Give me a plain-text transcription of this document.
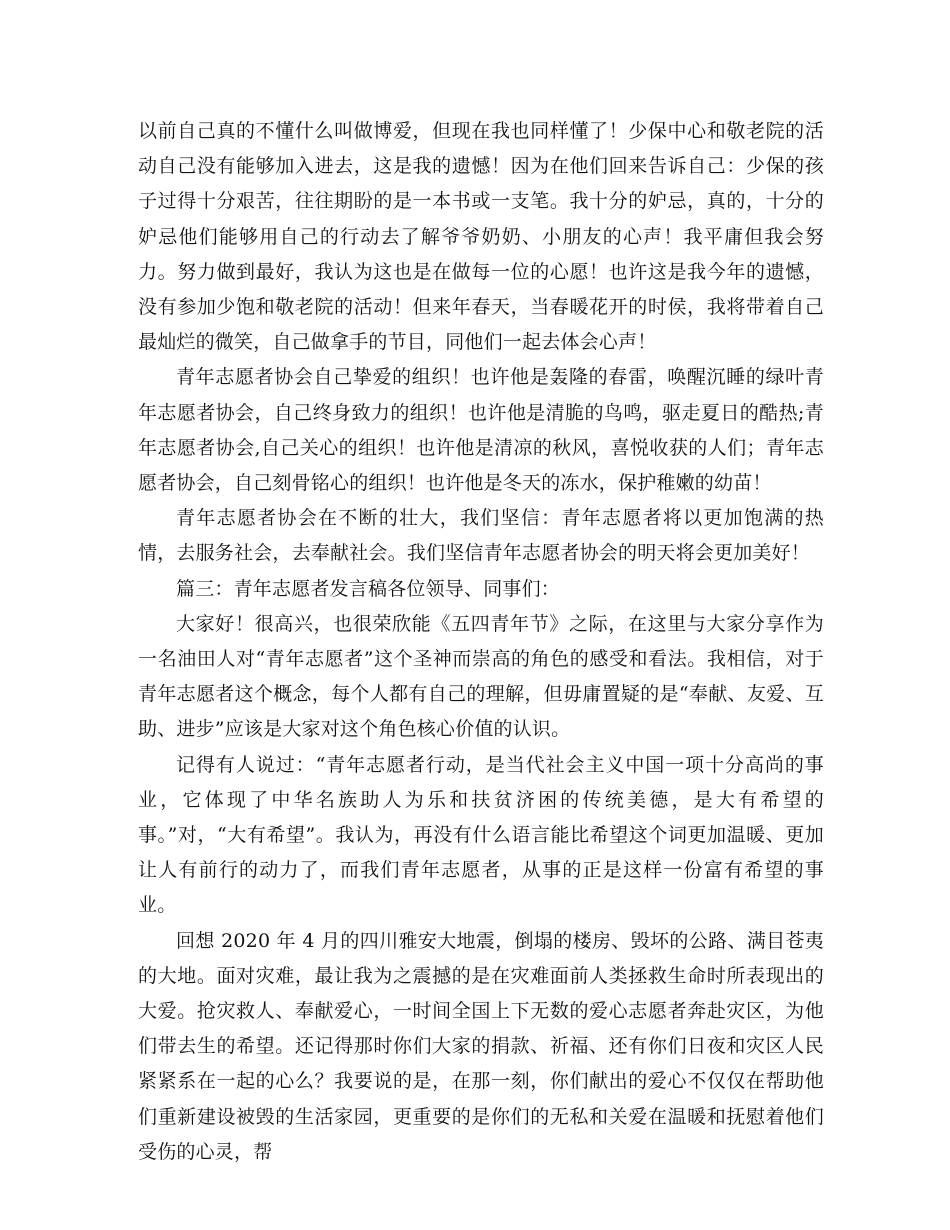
以前自己真的不懂什么叫做博爱，但现在我也同样懂了！少保中心和敬老院的活动自己没有能够加入进去，这是我的遗憾！因为在他们回来告诉自己：少保的孩子过得十分艰苦，往往期盼的是一本书或一支笔。我十分的妒忌，真的，十分的妒忌他们能够用自己的行动去了解爷爷奶奶、小朋友的心声！我平庸但我会努力。努力做到最好，我认为这也是在做每一位的心愿！也许这是我今年的遗憾，没有参加少饱和敬老院的活动！但来年春天，当春暖花开的时侯，我将带着自己最灿烂的微笑，自己做拿手的节目，同他们一起去体会心声！

青年志愿者协会自己挚爱的组织！也许他是轰隆的春雷，唤醒沉睡的绿叶青年志愿者协会，自己终身致力的组织！也许他是清脆的鸟鸣，驱走夏日的酷热;青年志愿者协会,自己关心的组织！也许他是清凉的秋风，喜悦收获的人们；青年志愿者协会，自己刻骨铭心的组织！也许他是冬天的冻水，保护稚嫩的幼苗！

青年志愿者协会在不断的壮大，我们坚信：青年志愿者将以更加饱满的热情，去服务社会，去奉献社会。我们坚信青年志愿者协会的明天将会更加美好！

篇三：青年志愿者发言稿各位领导、同事们：

大家好！很高兴，也很荣欣能《五四青年节》之际，在这里与大家分享作为一名油田人对“青年志愿者”这个圣神而崇高的角色的感受和看法。我相信，对于青年志愿者这个概念，每个人都有自己的理解，但毋庸置疑的是“奉献、友爱、互助、进步”应该是大家对这个角色核心价值的认识。

记得有人说过：“青年志愿者行动，是当代社会主义中国一项十分高尚的事业，它体现了中华名族助人为乐和扶贫济困的传统美德，是大有希望的事。”对，“大有希望”。我认为，再没有什么语言能比希望这个词更加温暖、更加让人有前行的动力了，而我们青年志愿者，从事的正是这样一份富有希望的事业。

回想 2020 年 4 月的四川雅安大地震，倒塌的楼房、毁坏的公路、满目苍夷的大地。面对灾难，最让我为之震撼的是在灾难面前人类拯救生命时所表现出的大爱。抢灾救人、奉献爱心，一时间全国上下无数的爱心志愿者奔赴灾区，为他们带去生的希望。还记得那时你们大家的捐款、祈福、还有你们日夜和灾区人民紧紧系在一起的心么？我要说的是，在那一刻，你们献出的爱心不仅仅在帮助他们重新建设被毁的生活家园，更重要的是你们的无私和关爱在温暖和抚慰着他们受伤的心灵，帮
